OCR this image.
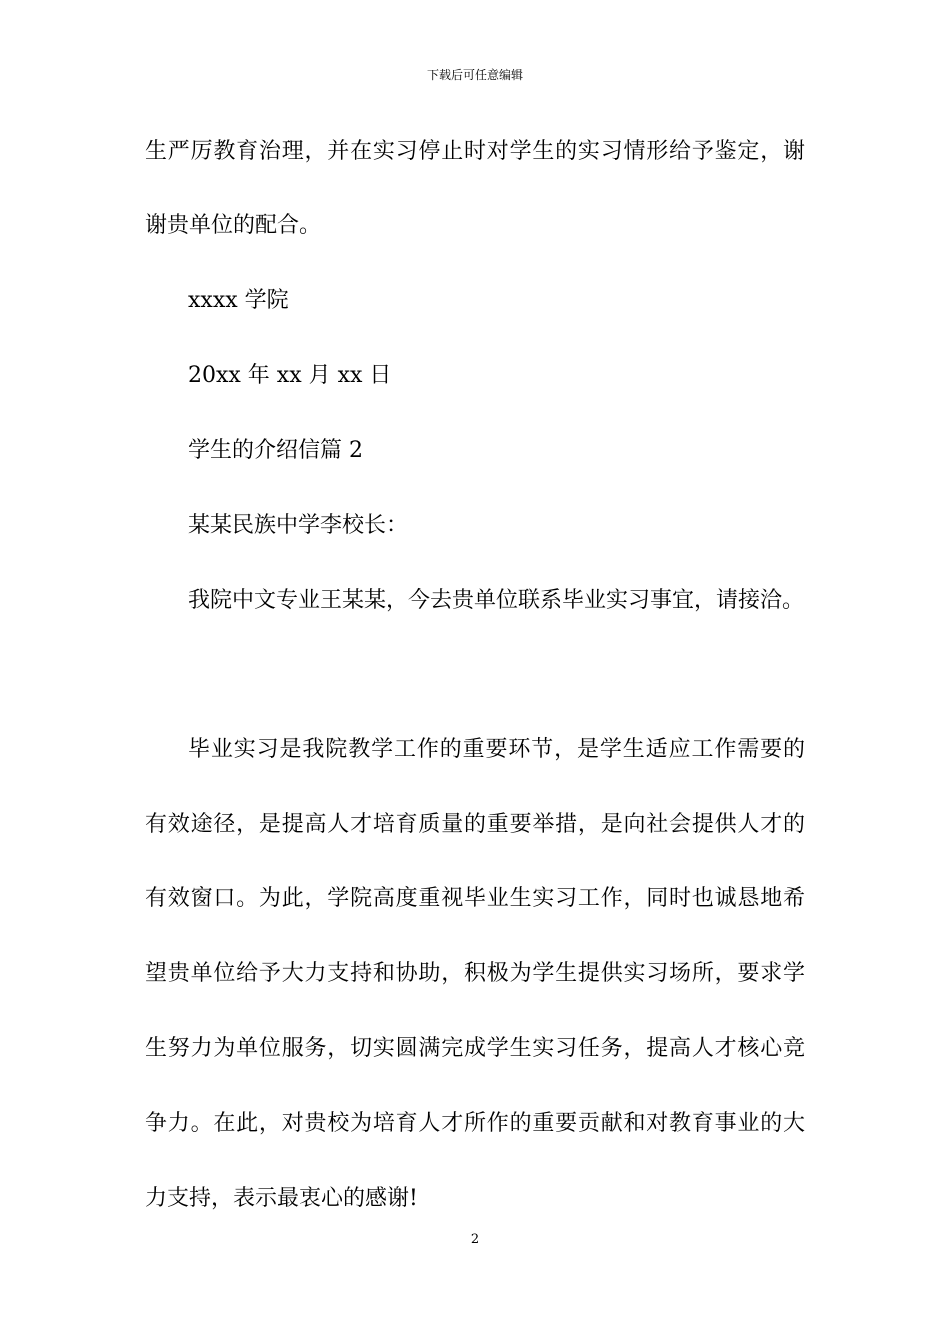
下载后可任意编辑
生严厉教育治理，并在实习停止时对学生的实习情形给予鉴定，谢
谢贵单位的配合。
xxxx 学院
20xx 年 xx 月 xx 日
学生的介绍信篇 2
某某民族中学李校长：
我院中文专业王某某，今去贵单位联系毕业实习事宜，请接洽。
毕业实习是我院教学工作的重要环节，是学生适应工作需要的
有效途径，是提高人才培育质量的重要举措，是向社会提供人才的
有效窗口。为此，学院高度重视毕业生实习工作，同时也诚恳地希
望贵单位给予大力支持和协助，积极为学生提供实习场所，要求学
生努力为单位服务，切实圆满完成学生实习任务，提高人才核心竞
争力。在此，对贵校为培育人才所作的重要贡献和对教育事业的大
力支持，表示最衷心的感谢!
2
